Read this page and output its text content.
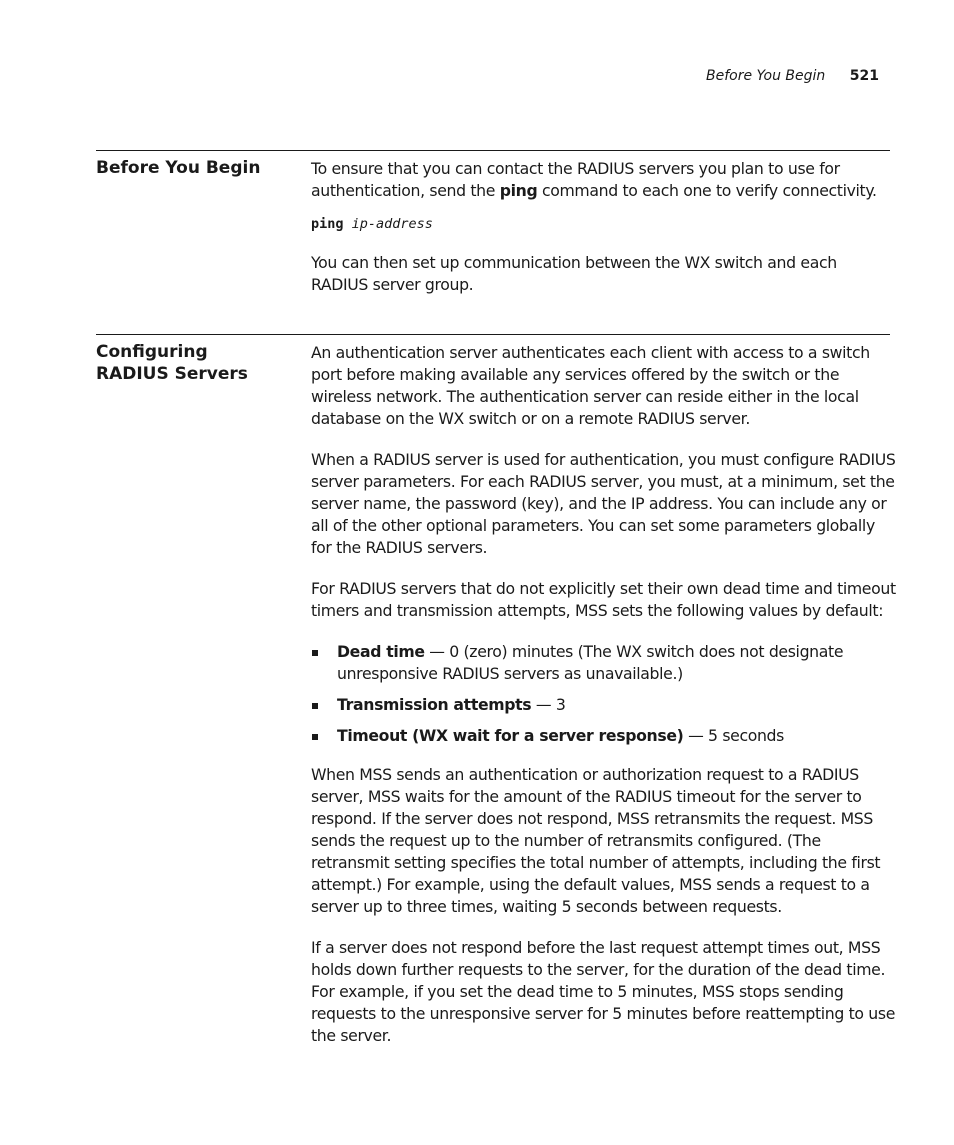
Before You Begin 521
Before You Begin	To ensure that you can contact the RADIUS servers you plan to use for authentication, send the ping command to each one to verify connectivity.

ping ip-address

You can then set up communication between the WX switch and each RADIUS server group.

Configuring
RADIUS Servers

An authentication server authenticates each client with access to a switch port before making available any services offered by the switch or the wireless network. The authentication server can reside either in the local database on the WX switch or on a remote RADIUS server.

When a RADIUS server is used for authentication, you must configure RADIUS server parameters. For each RADIUS server, you must, at a minimum, set the server name, the password (key), and the IP address. You can include any or all of the other optional parameters. You can set some parameters globally for the RADIUS servers.

For RADIUS servers that do not explicitly set their own dead time and timeout timers and transmission attempts, MSS sets the following values by default:

Dead time — 0 (zero) minutes (The WX switch does not designate unresponsive RADIUS servers as unavailable.)
Transmission attempts — 3
Timeout (WX wait for a server response) — 5 seconds

When MSS sends an authentication or authorization request to a RADIUS server, MSS waits for the amount of the RADIUS timeout for the server to respond. If the server does not respond, MSS retransmits the request. MSS sends the request up to the number of retransmits configured. (The retransmit setting specifies the total number of attempts, including the first attempt.) For example, using the default values, MSS sends a request to a server up to three times, waiting 5 seconds between requests.

If a server does not respond before the last request attempt times out, MSS holds down further requests to the server, for the duration of the dead time. For example, if you set the dead time to 5 minutes, MSS stops sending requests to the unresponsive server for 5 minutes before reattempting to use the server.
